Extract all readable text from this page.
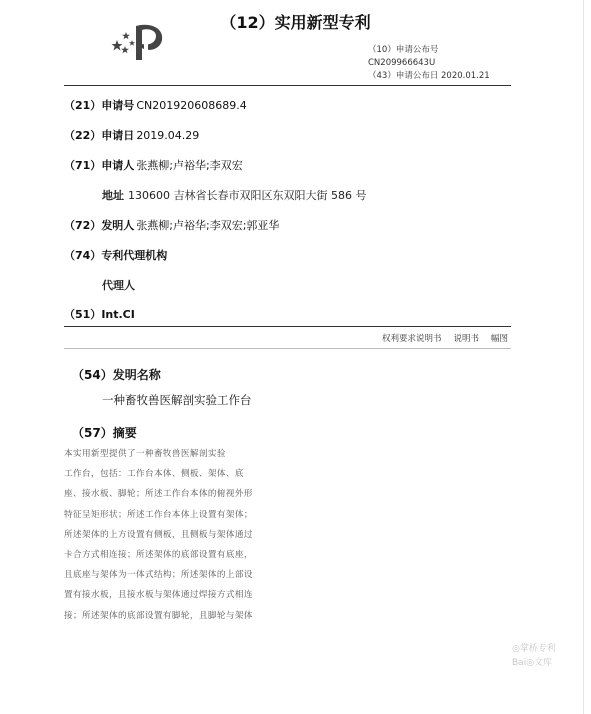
（12）实用新型专利
（10）申请公布号
CN209966643U
（43）申请公布日 2020.01.21
（21）申请号 CN201920608689.4
（22）申请日 2019.04.29
（71）申请人 张燕柳;卢裕华;李双宏
地址 130600 吉林省长春市双阳区东双阳大街 586 号
（72）发明人 张燕柳;卢裕华;李双宏;郭亚华
（74）专利代理机构
代理人
（51）Int.CI
权利要求说明书 说明书 幅图
（54）发明名称
一种畜牧兽医解剖实验工作台
（57）摘要
本实用新型提供了一种畜牧兽医解剖实验
工作台，包括：工作台本体、侧板、架体、底
座、接水板、脚轮；所述工作台本体的俯视外形
特征呈矩形状；所述工作台本体上设置有架体；
所述架体的上方设置有侧板，且侧板与架体通过
卡合方式相连接；所述架体的底部设置有底座，
且底座与架体为一体式结构；所述架体的上部设
置有接水板，且接水板与架体通过焊接方式相连
接；所述架体的底部设置有脚轮，且脚轮与架体
◎掌桥专利
Bai◎文库
